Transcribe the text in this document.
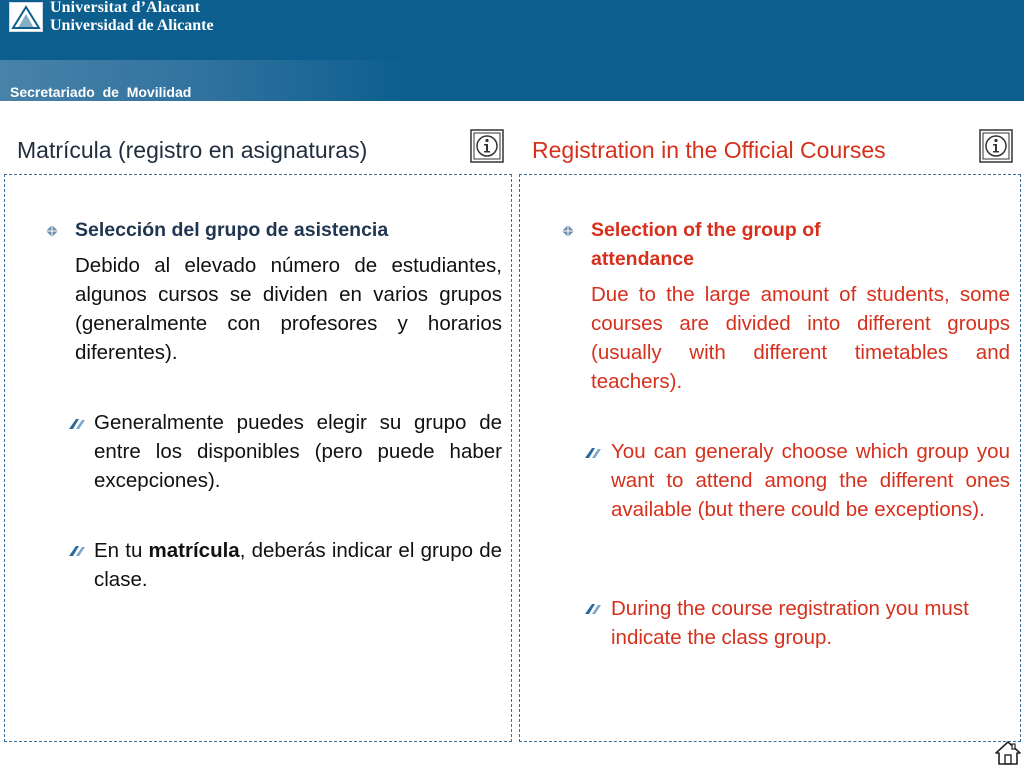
Universitat d’Alacant
Universidad de Alicante
Secretariado  de  Movilidad
Matrícula (registro en asignaturas)	Registration in the Official Courses
Selección del grupo de asistencia
Debido al elevado número de estudiantes, algunos cursos se dividen en varios grupos (generalmente con profesores y horarios diferentes).
Generalmente puedes elegir su grupo de entre los disponibles (pero puede haber excepciones).
En tu matrícula, deberás indicar el grupo de clase.
Selection of the group of attendance
Due to the large amount of students, some courses are divided into different groups (usually with different timetables and teachers).
You can generaly choose which group you want to attend among the different ones available (but there could be exceptions).
During the course registration you must indicate the class group.
